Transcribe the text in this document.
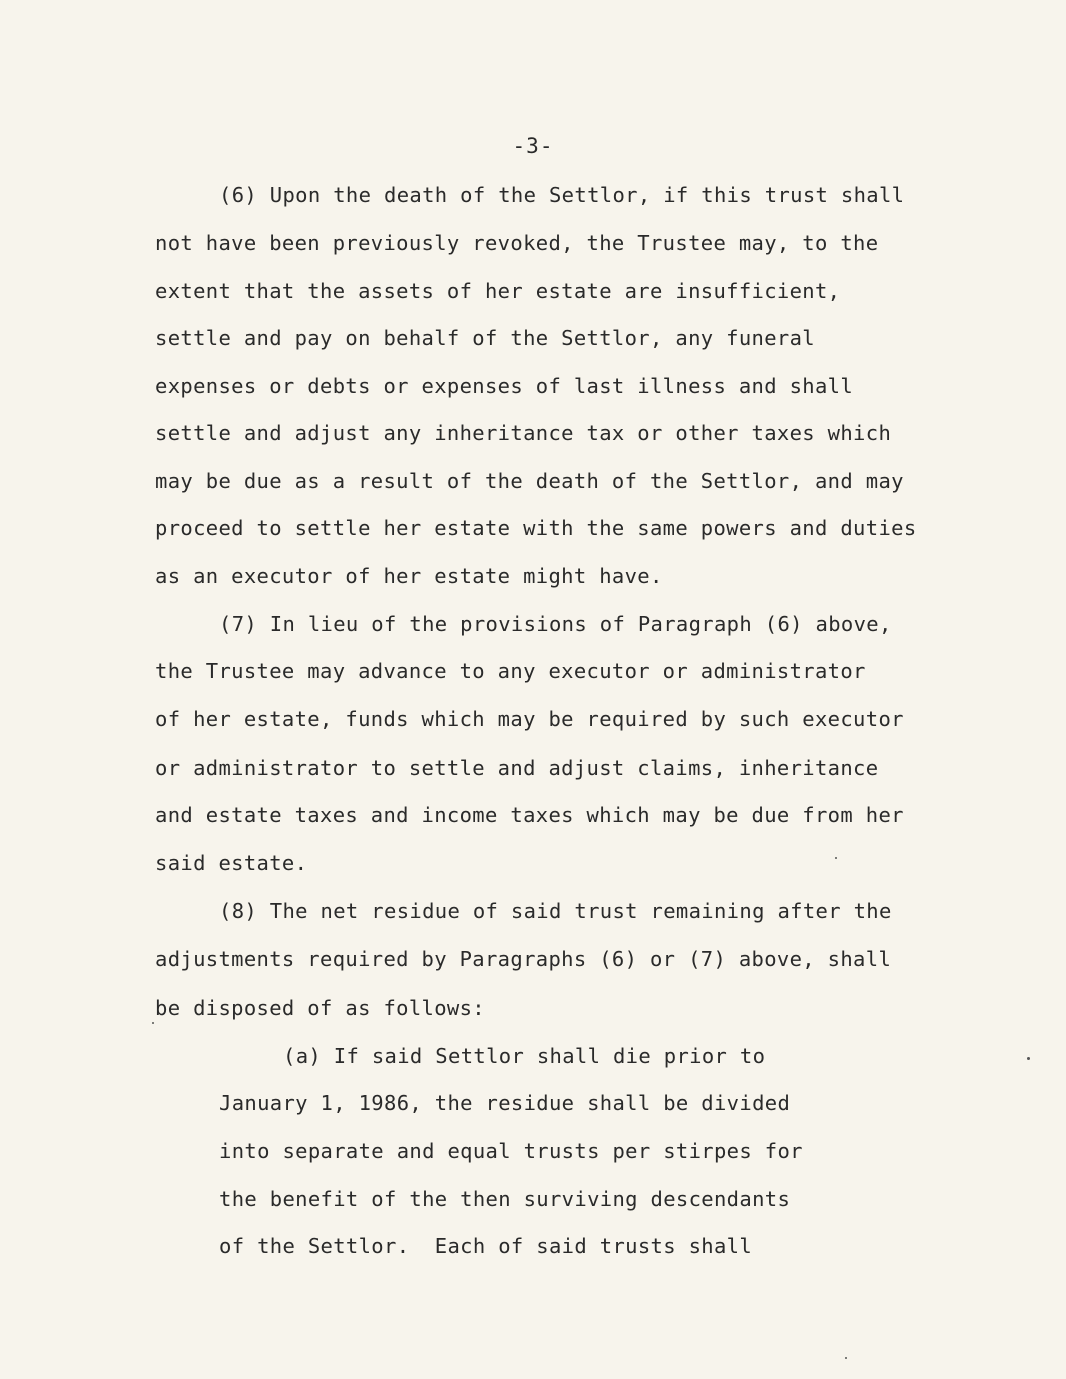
-3-
(6) Upon the death of the Settlor, if this trust shall
not have been previously revoked, the Trustee may, to the
extent that the assets of her estate are insufficient,
settle and pay on behalf of the Settlor, any funeral
expenses or debts or expenses of last illness and shall
settle and adjust any inheritance tax or other taxes which
may be due as a result of the death of the Settlor, and may
proceed to settle her estate with the same powers and duties
as an executor of her estate might have.
(7) In lieu of the provisions of Paragraph (6) above,
the Trustee may advance to any executor or administrator
of her estate, funds which may be required by such executor
or administrator to settle and adjust claims, inheritance
and estate taxes and income taxes which may be due from her
said estate.
(8) The net residue of said trust remaining after the
adjustments required by Paragraphs (6) or (7) above, shall
be disposed of as follows:
(a) If said Settlor shall die prior to
January 1, 1986, the residue shall be divided
into separate and equal trusts per stirpes for
the benefit of the then surviving descendants
of the Settlor.  Each of said trusts shall
